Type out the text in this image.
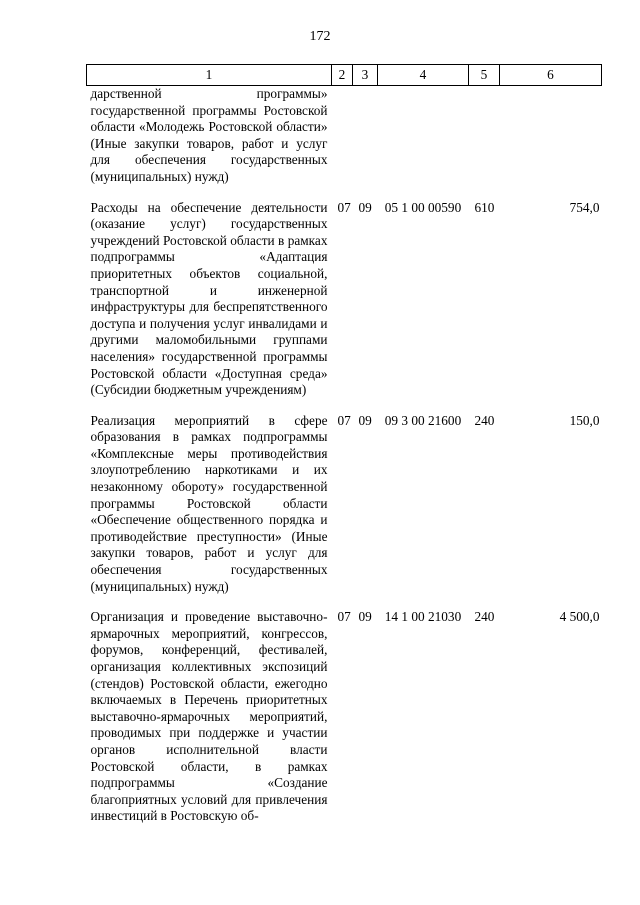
172
1	2	3	4	5	6
дарственной программы» государственной программы Ростовской области «Молодежь Ростовской области» (Иные закупки товаров, работ и услуг для обеспечения государственных (муниципальных) нужд)					
Расходы на обеспечение деятельности (оказание услуг) государственных учреждений Ростовской области в рамках подпрограммы «Адаптация приоритетных объектов социальной, транспортной и инженерной инфраструктуры для беспрепятственного доступа и получения услуг инвалидами и другими маломобильными группами населения» государственной программы Ростовской области «Доступная среда» (Субсидии бюджетным учреждениям)	07	09	05 1 00 00590	610	754,0
Реализация мероприятий в сфере образования в рамках подпрограммы «Комплексные меры противодействия злоупотреблению наркотиками и их незаконному обороту» государственной программы Ростовской области «Обеспечение общественного порядка и противодействие преступности» (Иные закупки товаров, работ и услуг для обеспечения государственных (муниципальных) нужд)	07	09	09 3 00 21600	240	150,0
Организация и проведение выставочно-ярмарочных мероприятий, конгрессов, форумов, конференций, фестивалей, организация коллективных экспозиций (стендов) Ростовской области, ежегодно включаемых в Перечень приоритетных выставочно-ярмарочных мероприятий, проводимых при поддержке и участии органов исполнительной власти Ростовской области, в рамках подпрограммы «Создание благоприятных условий для привлечения инвестиций в Ростовскую об-	07	09	14 1 00 21030	240	4 500,0
